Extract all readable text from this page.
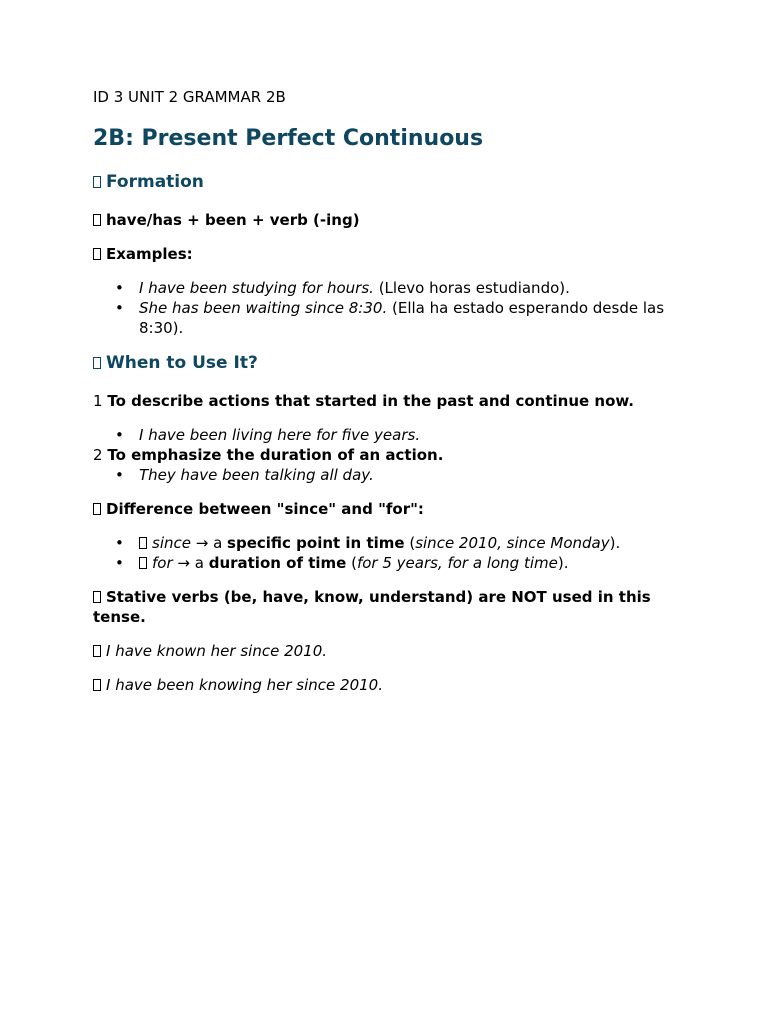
ID 3 UNIT 2 GRAMMAR 2B

2B: Present Perfect Continuous
Formation

have/has + been + verb (-ing)

Examples:

• I have been studying for hours. (Llevo horas estudiando).
• She has been waiting since 8:30. (Ella ha estado esperando desde las 8:30).
When to Use It?

1 To describe actions that started in the past and continue now.

• I have been living here for five years.

2 To emphasize the duration of an action.

• They have been talking all day.

Difference between "since" and "for":

• since → a specific point in time (since 2010, since Monday).
• for → a duration of time (for 5 years, for a long time).

Stative verbs (be, have, know, understand) are NOT used in this tense.

I have known her since 2010.

I have been knowing her since 2010.
